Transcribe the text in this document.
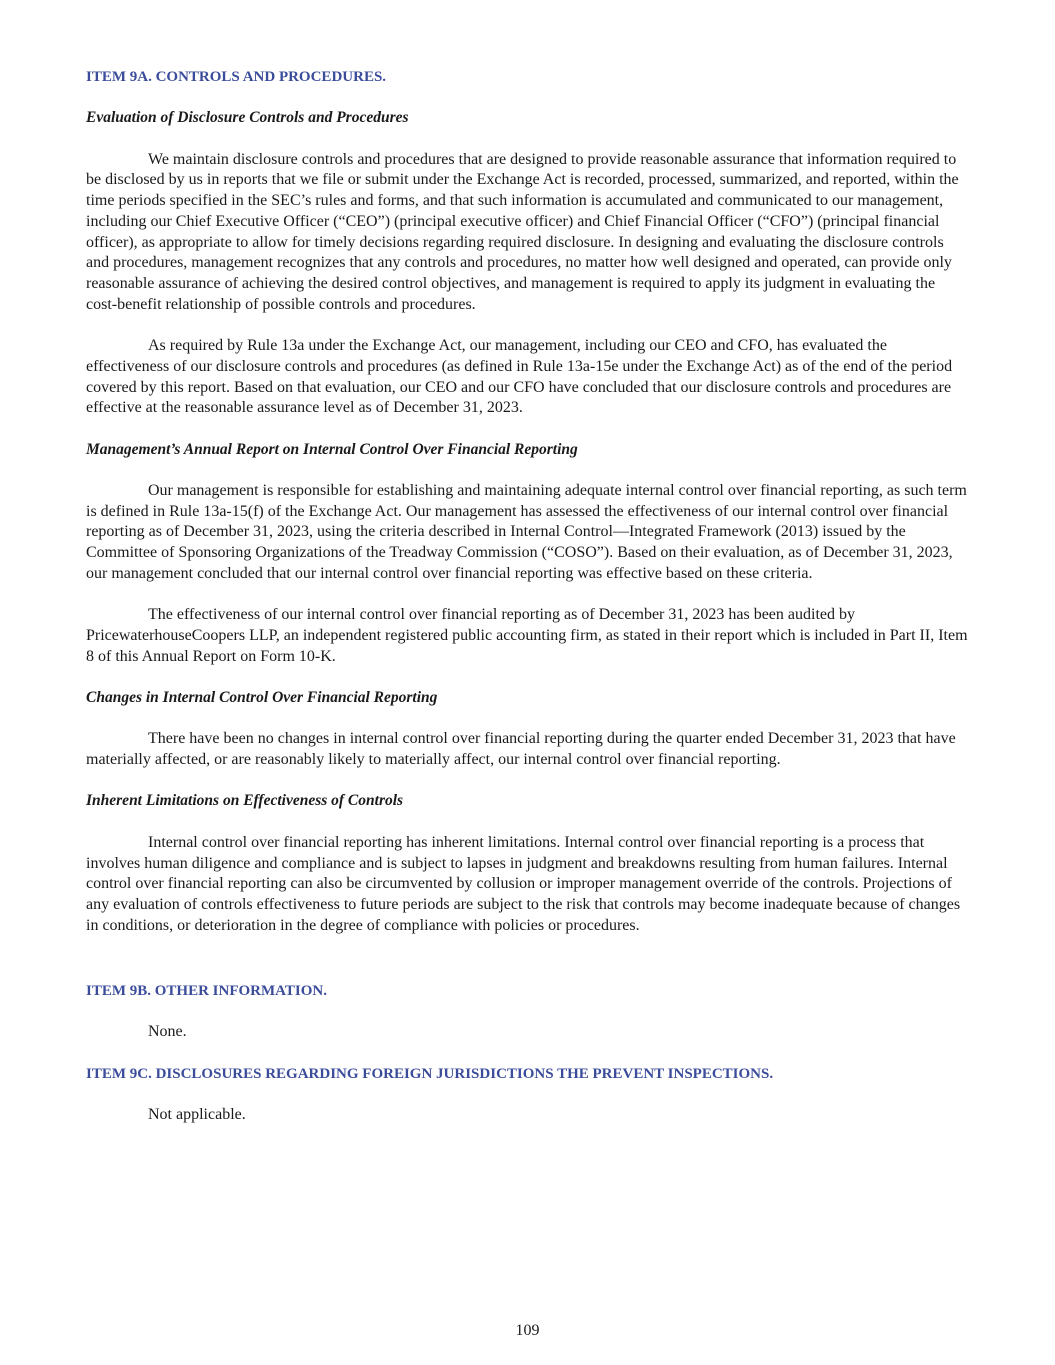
ITEM 9A. CONTROLS AND PROCEDURES.
Evaluation of Disclosure Controls and Procedures

We maintain disclosure controls and procedures that are designed to provide reasonable assurance that information required to be disclosed by us in reports that we file or submit under the Exchange Act is recorded, processed, summarized, and reported, within the time periods specified in the SEC’s rules and forms, and that such information is accumulated and communicated to our management, including our Chief Executive Officer (“CEO”) (principal executive officer) and Chief Financial Officer (“CFO”) (principal financial officer), as appropriate to allow for timely decisions regarding required disclosure. In designing and evaluating the disclosure controls and procedures, management recognizes that any controls and procedures, no matter how well designed and operated, can provide only reasonable assurance of achieving the desired control objectives, and management is required to apply its judgment in evaluating the cost-benefit relationship of possible controls and procedures.

As required by Rule 13a under the Exchange Act, our management, including our CEO and CFO, has evaluated the effectiveness of our disclosure controls and procedures (as defined in Rule 13a-15e under the Exchange Act) as of the end of the period covered by this report. Based on that evaluation, our CEO and our CFO have concluded that our disclosure controls and procedures are effective at the reasonable assurance level as of December 31, 2023.

Management’s Annual Report on Internal Control Over Financial Reporting

Our management is responsible for establishing and maintaining adequate internal control over financial reporting, as such term is defined in Rule 13a-15(f) of the Exchange Act. Our management has assessed the effectiveness of our internal control over financial reporting as of December 31, 2023, using the criteria described in Internal Control—Integrated Framework (2013) issued by the Committee of Sponsoring Organizations of the Treadway Commission (“COSO”). Based on their evaluation, as of December 31, 2023, our management concluded that our internal control over financial reporting was effective based on these criteria.

The effectiveness of our internal control over financial reporting as of December 31, 2023 has been audited by PricewaterhouseCoopers LLP, an independent registered public accounting firm, as stated in their report which is included in Part II, Item 8 of this Annual Report on Form 10-K.

Changes in Internal Control Over Financial Reporting

There have been no changes in internal control over financial reporting during the quarter ended December 31, 2023 that have materially affected, or are reasonably likely to materially affect, our internal control over financial reporting.

Inherent Limitations on Effectiveness of Controls

Internal control over financial reporting has inherent limitations. Internal control over financial reporting is a process that involves human diligence and compliance and is subject to lapses in judgment and breakdowns resulting from human failures. Internal control over financial reporting can also be circumvented by collusion or improper management override of the controls. Projections of any evaluation of controls effectiveness to future periods are subject to the risk that controls may become inadequate because of changes in conditions, or deterioration in the degree of compliance with policies or procedures.

ITEM 9B. OTHER INFORMATION.

None.

ITEM 9C. DISCLOSURES REGARDING FOREIGN JURISDICTIONS THE PREVENT INSPECTIONS.

Not applicable.

109
